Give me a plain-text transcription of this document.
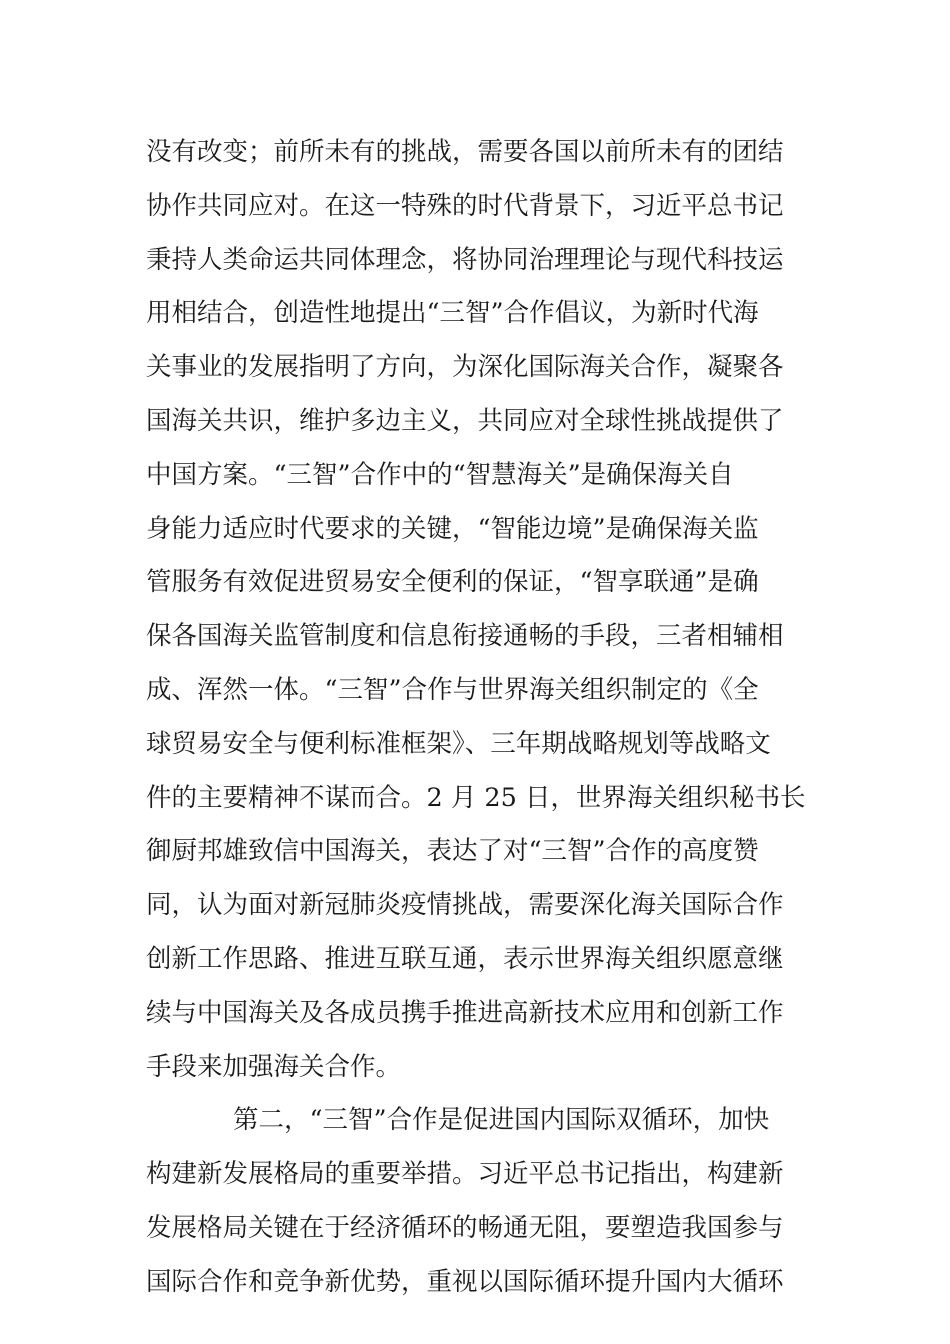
没有改变；前所未有的挑战，需要各国以前所未有的团结
协作共同应对。在这一特殊的时代背景下，习近平总书记
秉持人类命运共同体理念，将协同治理理论与现代科技运
用相结合，创造性地提出“三智”合作倡议，为新时代海
关事业的发展指明了方向，为深化国际海关合作，凝聚各
国海关共识，维护多边主义，共同应对全球性挑战提供了
中国方案。“三智”合作中的“智慧海关”是确保海关自
身能力适应时代要求的关键，“智能边境”是确保海关监
管服务有效促进贸易安全便利的保证，“智享联通”是确
保各国海关监管制度和信息衔接通畅的手段，三者相辅相
成、浑然一体。“三智”合作与世界海关组织制定的《全
球贸易安全与便利标准框架》、三年期战略规划等战略文
件的主要精神不谋而合。2 月 25 日，世界海关组织秘书长
御厨邦雄致信中国海关，表达了对“三智”合作的高度赞
同，认为面对新冠肺炎疫情挑战，需要深化海关国际合作
创新工作思路、推进互联互通，表示世界海关组织愿意继
续与中国海关及各成员携手推进高新技术应用和创新工作
手段来加强海关合作。
第二，“三智”合作是促进国内国际双循环，加快
构建新发展格局的重要举措。习近平总书记指出，构建新
发展格局关键在于经济循环的畅通无阻，要塑造我国参与
国际合作和竞争新优势，重视以国际循环提升国内大循环
